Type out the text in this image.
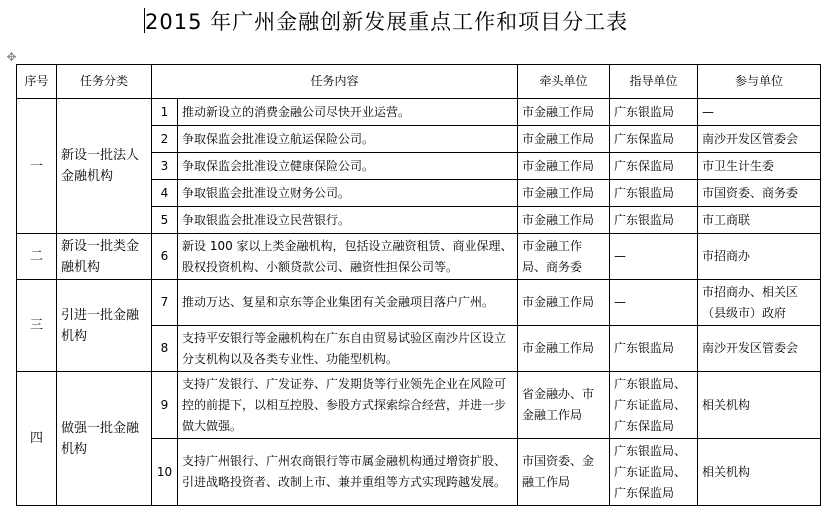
2015 年广州金融创新发展重点工作和项目分工表
✥
序号	任务分类	任务内容		牵头单位	指导单位	参与单位
一	新设一批法人金融机构	1	推动新设立的消费金融公司尽快开业运营。	市金融工作局	广东银监局	—
		2	争取保监会批准设立航运保险公司。	市金融工作局	广东保监局	南沙开发区管委会
		3	争取保监会批准设立健康保险公司。	市金融工作局	广东保监局	市卫生计生委
		4	争取银监会批准设立财务公司。	市金融工作局	广东银监局	市国资委、商务委
		5	争取银监会批准设立民营银行。	市金融工作局	广东银监局	市工商联
二	新设一批类金融机构	6	新设 100 家以上类金融机构，包括设立融资租赁、商业保理、股权投资机构、小额贷款公司、融资性担保公司等。	市金融工作局、商务委	—	市招商办
三	引进一批金融机构	7	推动万达、复星和京东等企业集团有关金融项目落户广州。	市金融工作局	—	市招商办、相关区（县级市）政府
		8	支持平安银行等金融机构在广东自由贸易试验区南沙片区设立分支机构以及各类专业性、功能型机构。	市金融工作局	广东银监局	南沙开发区管委会
四	做强一批金融机构	9	支持广发银行、广发证券、广发期货等行业领先企业在风险可控的前提下，以相互控股、参股方式探索综合经营，并进一步做大做强。	省金融办、市金融工作局	广东银监局、广东证监局、广东保监局	相关机构
		10	支持广州银行、广州农商银行等市属金融机构通过增资扩股、引进战略投资者、改制上市、兼并重组等方式实现跨越发展。	市国资委、金融工作局	广东银监局、广东证监局、广东保监局	相关机构
